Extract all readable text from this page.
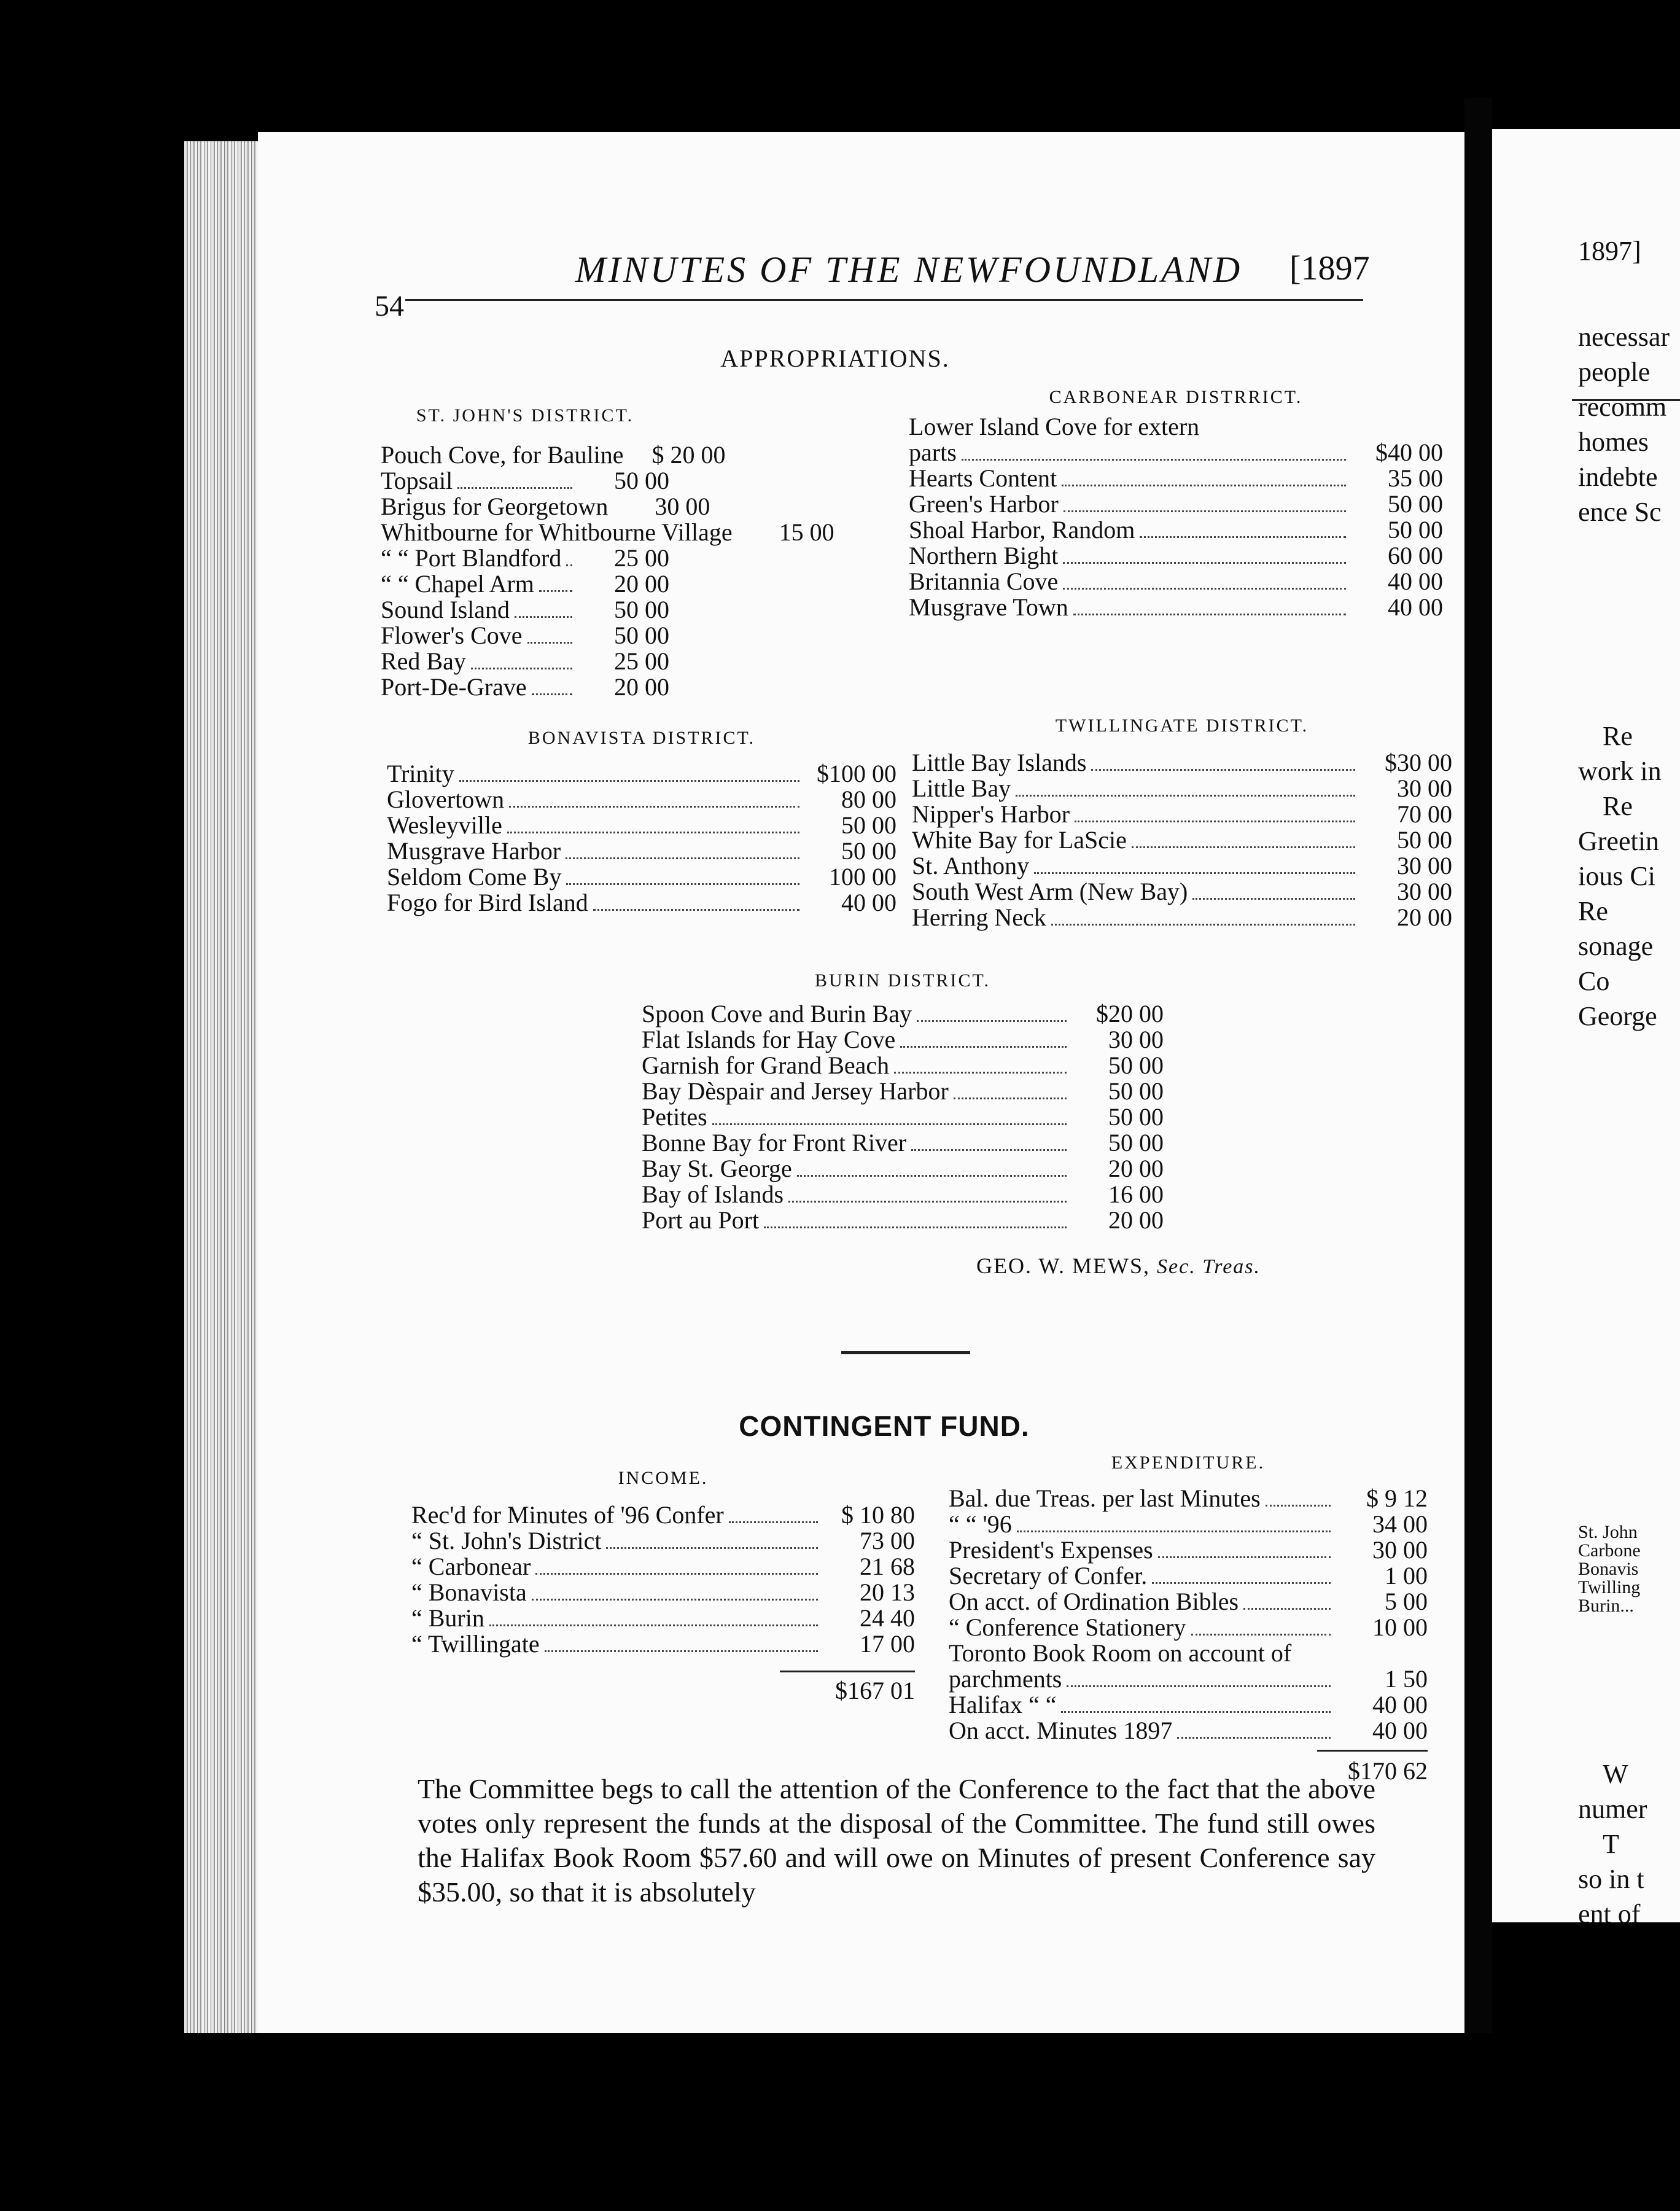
54
MINUTES OF THE NEWFOUNDLAND	[1897
APPROPRIATIONS.
ST. JOHN'S DISTRICT.
Pouch Cove, for Bauline	$ 20 00
Topsail	50 00
Brigus for Georgetown	30 00
Whitbourne for Whitbourne Village	15 00
“ “ Port Blandford	25 00
“ “ Chapel Arm	20 00
Sound Island	50 00
Flower's Cove	50 00
Red Bay	25 00
Port-De-Grave	20 00
CARBONEAR DISTRRICT.
Lower Island Cove for extern
parts	$40 00
Hearts Content	35 00
Green's Harbor	50 00
Shoal Harbor, Random	50 00
Northern Bight	60 00
Britannia Cove	40 00
Musgrave Town	40 00
BONAVISTA DISTRICT.
Trinity	$100 00
Glovertown	80 00
Wesleyville	50 00
Musgrave Harbor	50 00
Seldom Come By	100 00
Fogo for Bird Island	40 00
TWILLINGATE DISTRICT.
Little Bay Islands	$30 00
Little Bay	30 00
Nipper's Harbor	70 00
White Bay for LaScie	50 00
St. Anthony	30 00
South West Arm (New Bay)	30 00
Herring Neck	20 00
BURIN DISTRICT.
Spoon Cove and Burin Bay	$20 00
Flat Islands for Hay Cove	30 00
Garnish for Grand Beach	50 00
Bay Dèspair and Jersey Harbor	50 00
Petites	50 00
Bonne Bay for Front River	50 00
Bay St. George	20 00
Bay of Islands	16 00
Port au Port	20 00
GEO. W. MEWS, Sec. Treas.
CONTINGENT FUND.
INCOME.
Rec'd for Minutes of '96 Confer	$ 10 80
“ St. John's District	73 00
“ Carbonear	21 68
“ Bonavista	20 13
“ Burin	24 40
“ Twillingate	17 00
$167 01
EXPENDITURE.
Bal. due Treas. per last Minutes	$ 9 12
“ “ '96	34 00
President's Expenses	30 00
Secretary of Confer.	1 00
On acct. of Ordination Bibles	5 00
“ Conference Stationery	10 00
Toronto Book Room on account of
parchments	1 50
Halifax “ “	40 00
On acct. Minutes 1897	40 00
$170 62
The Committee begs to call the attention of the Conference to the fact that the above votes only represent the funds at the disposal of the Committee. The fund still owes the Halifax Book Room $57.60 and will owe on Minutes of present Conference say $35.00, so that it is absolutely
1897]
necessar
people
recomm
homes
indebte
ence Sc
Re
work in
Re
Greetin
ious Ci
Re
sonage
Co
George
St. John
Carbone
Bonavis
Twilling
Burin...
W
numer
T
so in t
ent of
